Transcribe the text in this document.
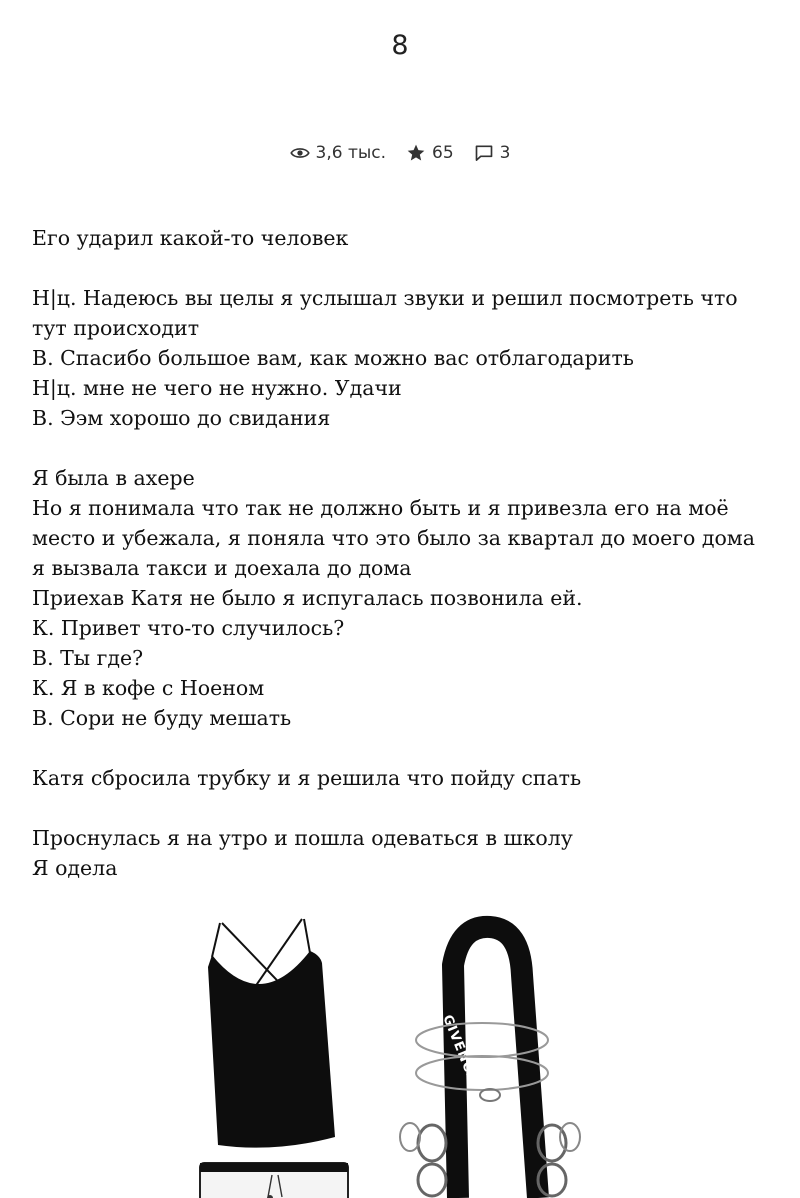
8
3,6 тыс.	65	3

Его ударил какой-то человек

Н|ц. Надеюсь вы целы я услышал звуки и решил посмотреть что тут происходит

В. Спасибо большое вам, как можно вас отблагодарить

Н|ц. мне не чего не нужно. Удачи

В. Ээм хорошо до свидания

Я была в ахере

Но я понимала что так не должно быть и я привезла его на моё место и убежала, я поняла что это было за квартал до моего дома я вызвала такси и доехала до дома

Приехав Катя не было я испугалась позвонила ей.

К. Привет что-то случилось?

В. Ты где?

К. Я в кофе с Ноеном

В. Сори не буду мешать

Катя сбросила трубку и я решила что пойду спать

Проснулась я на утро и пошла одеваться в школу

Я одела

GIVENCHY PARIS
